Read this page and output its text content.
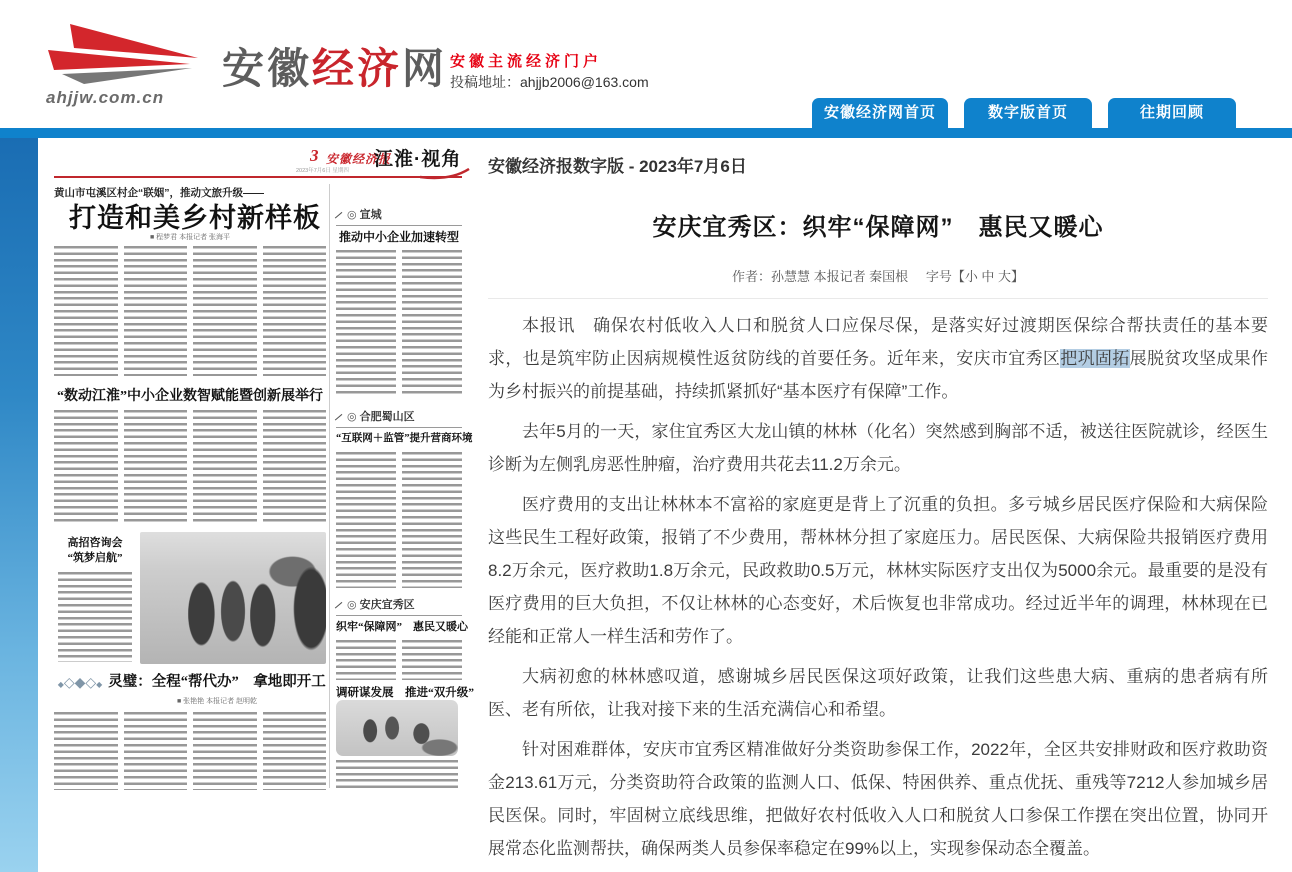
ahjjw.com.cn
安徽经济网 安徽主流经济门户
投稿地址：ahjjb2006@163.com
安徽经济网首页	数字版首页	往期回顾
3 安徽经济报
2023年7月6日 星期四
江淮·视角
黄山市屯溪区村企“联姻”，推动文旅升级——
打造和美乡村新样板
■ 程梦君 本报记者 张海平
“数动江淮”中小企业数智赋能暨创新展举行
高招咨询会
“筑梦启航”
◆◇◆◇◆ 灵璧：全程“帮代办”　拿地即开工
■ 张艳艳 本报记者 赵明乾
◎ 宣城
推动中小企业加速转型
◎ 合肥蜀山区
“互联网＋监管”提升营商环境
◎ 安庆宜秀区
织牢“保障网”　惠民又暖心
调研谋发展　推进“双升级”
安徽经济报数字版 - 2023年7月6日
安庆宜秀区：织牢“保障网”　惠民又暖心
作者：孙慧慧 本报记者 秦国根 字号【小 中 大】

本报讯　确保农村低收入人口和脱贫人口应保尽保，是落实好过渡期医保综合帮扶责任的基本要求，也是筑牢防止因病规模性返贫防线的首要任务。近年来，安庆市宜秀区把巩固拓展脱贫攻坚成果作为乡村振兴的前提基础，持续抓紧抓好“基本医疗有保障”工作。

去年5月的一天，家住宜秀区大龙山镇的林林（化名）突然感到胸部不适，被送往医院就诊，经医生诊断为左侧乳房恶性肿瘤，治疗费用共花去11.2万余元。

医疗费用的支出让林林本不富裕的家庭更是背上了沉重的负担。多亏城乡居民医疗保险和大病保险这些民生工程好政策，报销了不少费用，帮林林分担了家庭压力。居民医保、大病保险共报销医疗费用8.2万余元，医疗救助1.8万余元，民政救助0.5万元，林林实际医疗支出仅为5000余元。最重要的是没有医疗费用的巨大负担，不仅让林林的心态变好，术后恢复也非常成功。经过近半年的调理，林林现在已经能和正常人一样生活和劳作了。

大病初愈的林林感叹道，感谢城乡居民医保这项好政策，让我们这些患大病、重病的患者病有所医、老有所依，让我对接下来的生活充满信心和希望。

针对困难群体，安庆市宜秀区精准做好分类资助参保工作，2022年，全区共安排财政和医疗救助资金213.61万元，分类资助符合政策的监测人口、低保、特困供养、重点优抚、重残等7212人参加城乡居民医保。同时，牢固树立底线思维，把做好农村低收入人口和脱贫人口参保工作摆在突出位置，协同开展常态化监测帮扶，确保两类人员参保率稳定在99%以上，实现参保动态全覆盖。
